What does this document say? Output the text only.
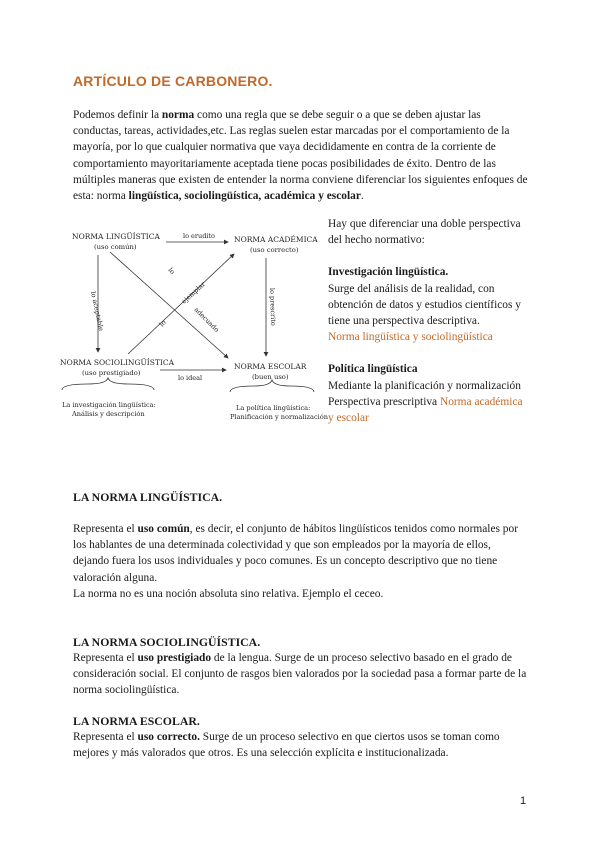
ARTÍCULO DE CARBONERO.
Podemos definir la norma como una regla que se debe seguir o a que se deben ajustar las conductas, tareas, actividades,etc. Las reglas suelen estar marcadas por el comportamiento de la mayoría, por lo que cualquier normativa que vaya decididamente en contra de la corriente de comportamiento mayoritariamente aceptada tiene pocas posibilidades de éxito. Dentro de las múltiples maneras que existen de entender la norma conviene diferenciar los siguientes enfoques de esta: norma lingüística, sociolingüística, académica y escolar.
NORMA LINGÜÍSTICA
(uso común)
NORMA ACADÉMICA
(uso correcto)
NORMA SOCIOLINGÜÍSTICA
(uso prestigiado)
NORMA ESCOLAR
(buen uso)
lo erudito
lo aceptable	lo prescrito
lo ideal
lo
ejemplar
lo	adecuado
La investigación lingüística:
Análisis y descripción
La política lingüística:
Planificación y normalización

Hay que diferenciar una doble perspectiva del hecho normativo:

Investigación lingüística.

Surge del análisis de la realidad, con obtención de datos y estudios científicos y tiene una perspectiva descriptiva.

Norma lingüística y sociolingüística

Política lingüística

Mediante la planificación y normalización

Perspectiva prescriptiva Norma académica y escolar

LA NORMA LINGÜÍSTICA.
Representa el uso común, es decir, el conjunto de hábitos lingüísticos tenidos como normales por los hablantes de una determinada colectividad y que son empleados por la mayoría de ellos, dejando fuera los usos individuales y poco comunes. Es un concepto descriptivo que no tiene valoración alguna.
La norma no es una noción absoluta sino relativa. Ejemplo el ceceo.
LA NORMA SOCIOLINGÜÍSTICA.
Representa el uso prestigiado de la lengua. Surge de un proceso selectivo basado en el grado de consideración social. El conjunto de rasgos bien valorados por la sociedad pasa a formar parte de la norma sociolingüística.
LA NORMA ESCOLAR.
Representa el uso correcto. Surge de un proceso selectivo en que ciertos usos se toman como mejores y más valorados que otros. Es una selección explícita e institucionalizada.
1
